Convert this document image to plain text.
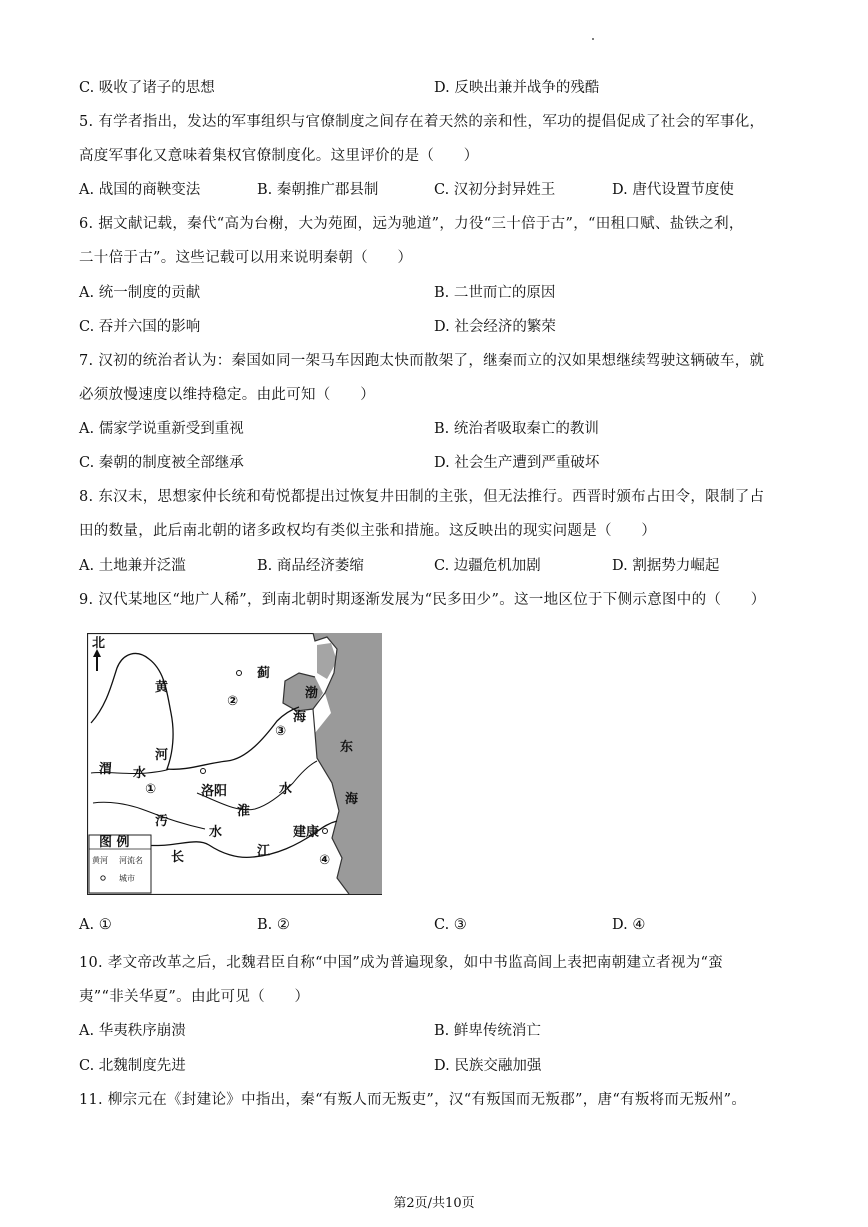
C. 吸收了诸子的思想	D. 反映出兼并战争的残酷
5. 有学者指出，发达的军事组织与官僚制度之间存在着天然的亲和性，军功的提倡促成了社会的军事化，
高度军事化又意味着集权官僚制度化。这里评价的是（　　）
A. 战国的商鞅变法	B. 秦朝推广郡县制	C. 汉初分封异姓王	D. 唐代设置节度使
6. 据文献记载，秦代“高为台榭，大为苑囿，远为驰道”，力役“三十倍于古”，“田租口赋、盐铁之利，
二十倍于古”。这些记载可以用来说明秦朝（　　）
A. 统一制度的贡献	B. 二世而亡的原因
C. 吞并六国的影响	D. 社会经济的繁荣
7. 汉初的统治者认为：秦国如同一架马车因跑太快而散架了，继秦而立的汉如果想继续驾驶这辆破车，就
必须放慢速度以维持稳定。由此可知（　　）
A. 儒家学说重新受到重视	B. 统治者吸取秦亡的教训
C. 秦朝的制度被全部继承	D. 社会生产遭到严重破坏
8. 东汉末，思想家仲长统和荀悦都提出过恢复井田制的主张，但无法推行。西晋时颁布占田令，限制了占
田的数量，此后南北朝的诸多政权均有类似主张和措施。这反映出的现实问题是（　　）
A. 土地兼并泛滥	B. 商品经济萎缩	C. 边疆危机加剧	D. 割据势力崛起
9. 汉代某地区“地广人稀”，到南北朝时期逐渐发展为“民多田少”。这一地区位于下侧示意图中的（　　）
北
黄
河
渭 水
蓟
渤
海
东
海
洛阳
淮
水
汚
水	建康
江
长
①
②
③
④
图 例
黄河 河流名
城市
A. ①	B. ②	C. ③	D. ④
10. 孝文帝改革之后，北魏君臣自称“中国”成为普遍现象，如中书监高闾上表把南朝建立者视为“蛮
夷”“非关华夏”。由此可见（　　）
A. 华夷秩序崩溃	B. 鲜卑传统消亡
C. 北魏制度先进	D. 民族交融加强
11. 柳宗元在《封建论》中指出，秦“有叛人而无叛吏”，汉“有叛国而无叛郡”，唐“有叛将而无叛州”。
第2页/共10页
